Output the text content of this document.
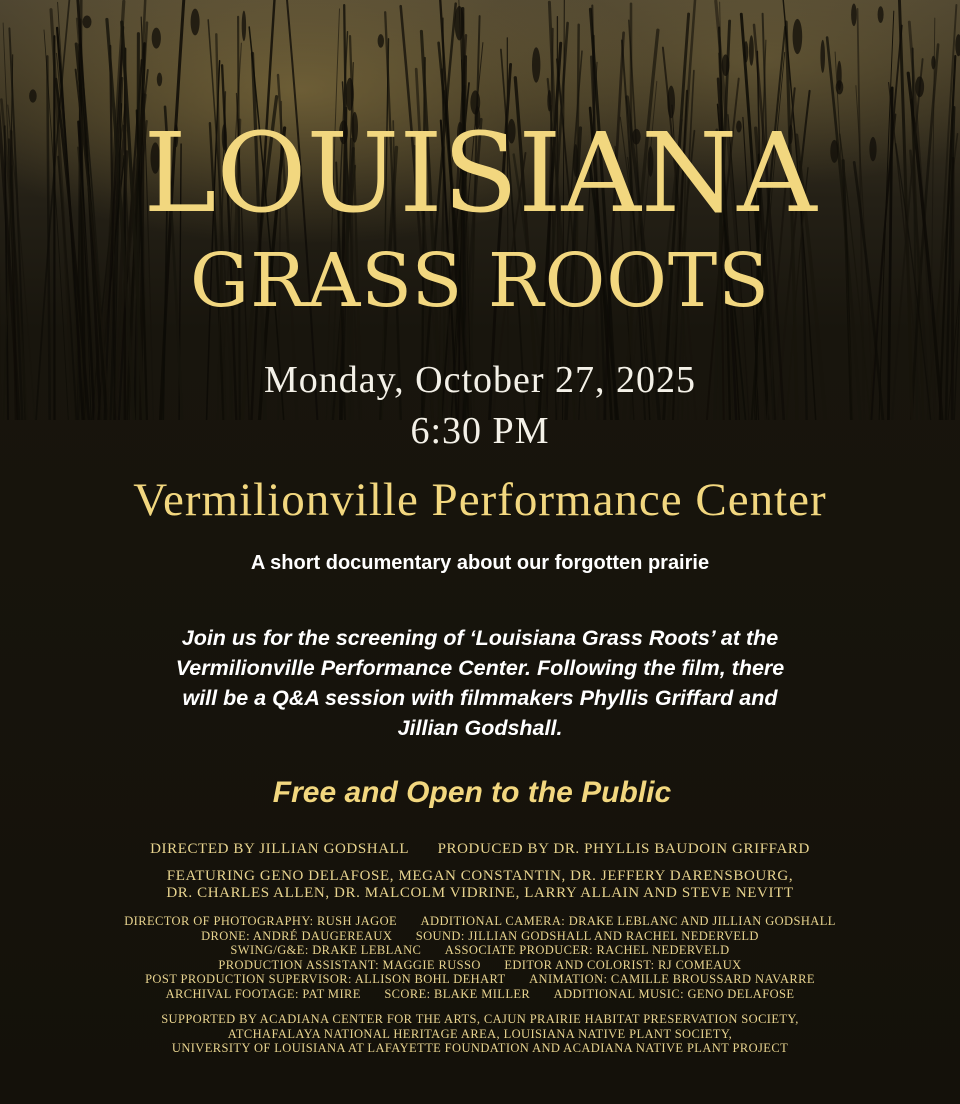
LOUISIANA
GRASS ROOTS
Monday, October 27, 2025
6:30 PM
Vermilionville Performance Center
A short documentary about our forgotten prairie
Join us for the screening of ‘Louisiana Grass Roots’ at the
Vermilionville Performance Center. Following the film, there
will be a Q&A session with filmmakers Phyllis Griffard and
Jillian Godshall.
Free and Open to the Public
DIRECTED BY JILLIAN GODSHALL PRODUCED BY DR. PHYLLIS BAUDOIN GRIFFARD
FEATURING GENO DELAFOSE, MEGAN CONSTANTIN, DR. JEFFERY DARENSBOURG,
DR. CHARLES ALLEN, DR. MALCOLM VIDRINE, LARRY ALLAIN AND STEVE NEVITT
DIRECTOR OF PHOTOGRAPHY: RUSH JAGOE ADDITIONAL CAMERA: DRAKE LEBLANC AND JILLIAN GODSHALL
DRONE: ANDRÉ DAUGEREAUX SOUND: JILLIAN GODSHALL AND RACHEL NEDERVELD
SWING/G&E: DRAKE LEBLANC ASSOCIATE PRODUCER: RACHEL NEDERVELD
PRODUCTION ASSISTANT: MAGGIE RUSSO EDITOR AND COLORIST: RJ COMEAUX
POST PRODUCTION SUPERVISOR: ALLISON BOHL DEHART ANIMATION: CAMILLE BROUSSARD NAVARRE
ARCHIVAL FOOTAGE: PAT MIRE SCORE: BLAKE MILLER ADDITIONAL MUSIC: GENO DELAFOSE
SUPPORTED BY ACADIANA CENTER FOR THE ARTS, CAJUN PRAIRIE HABITAT PRESERVATION SOCIETY,
ATCHAFALAYA NATIONAL HERITAGE AREA, LOUISIANA NATIVE PLANT SOCIETY,
UNIVERSITY OF LOUISIANA AT LAFAYETTE FOUNDATION AND ACADIANA NATIVE PLANT PROJECT
